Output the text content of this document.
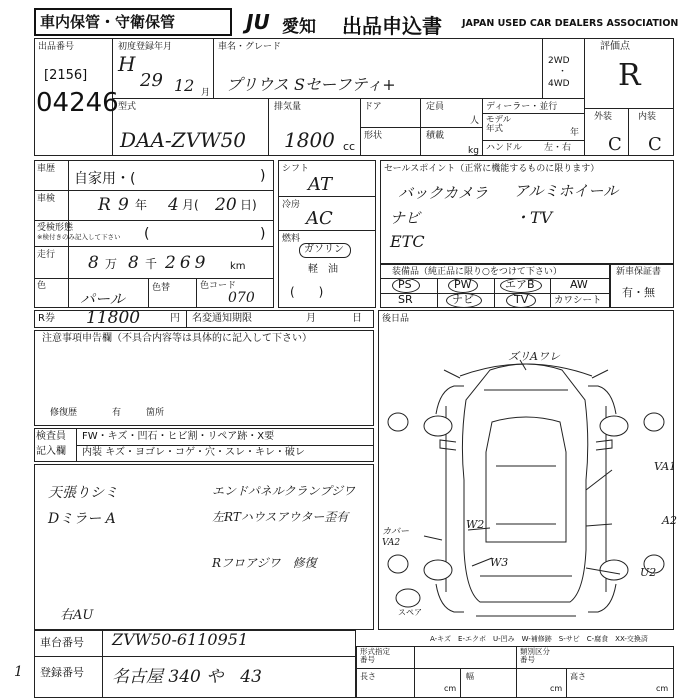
車内保管・守衛保管	JU 愛知 出品申込書 JAPAN USED CAR DEALERS ASSOCIATION
出品番号
[2156]
04246
初度登録年月
H
29 12 月
車名・グレード
プリウス Sセーフティ+
2WD
・
4WD
評価点
R
外装	内装
C C
型式
DAA-ZVW50
排気量
1800 cc
ドア	定員
人
形状	積載
kg
ディーラー・並行
モデル
年式	年
ハンドル 左・右
車歴
自家用・(	)
車検	R 9 年 4 月( 20 日)
受検形態
※検付きのみ記入して下さい (	)
走行 8 万 8 千 269 km
色
パール
色替	色コード
070
シフト
AT
冷房
AC
燃料
ガソリン
軽　油
(　　)
セールスポイント（正常に機能するものに限ります）
バックカメラ アルミホイール
ナビ	・TV
ETC
装備品（純正品に限り○をつけて下さい）
PS	PW	エアB	AW
SR	ナビ	TV	カワシート
新車保証書
有・無
R券 11800	円 名変通知期限	月	日 後日品
注意事項申告欄（不具合内容等は具体的に記入して下さい）
修復歴	有	箇所
検査員
記入欄
FW・キズ・凹石・ヒビ割・リペア跡・X要
内装 キズ・ヨゴレ・コゲ・穴・スレ・キレ・破レ
天張りシミ
Dミラー A
エンドパネルクランプジワ
左RTハウスアウター歪有
Rフロアジワ　修復
右AU
ズリAワレ
VA1
A2
W2
W3
U2
カバー
VA2
スペア
A-キズ　E-エクボ　U-凹み　W-補修跡　S-サビ　C-腐食　XX-交換済
車台番号 ZVW50-6110951
登録番号 名古屋 340 や　43
1
形式指定
番号
類別区分
番号
長さ
cm
幅
cm
高さ
cm
